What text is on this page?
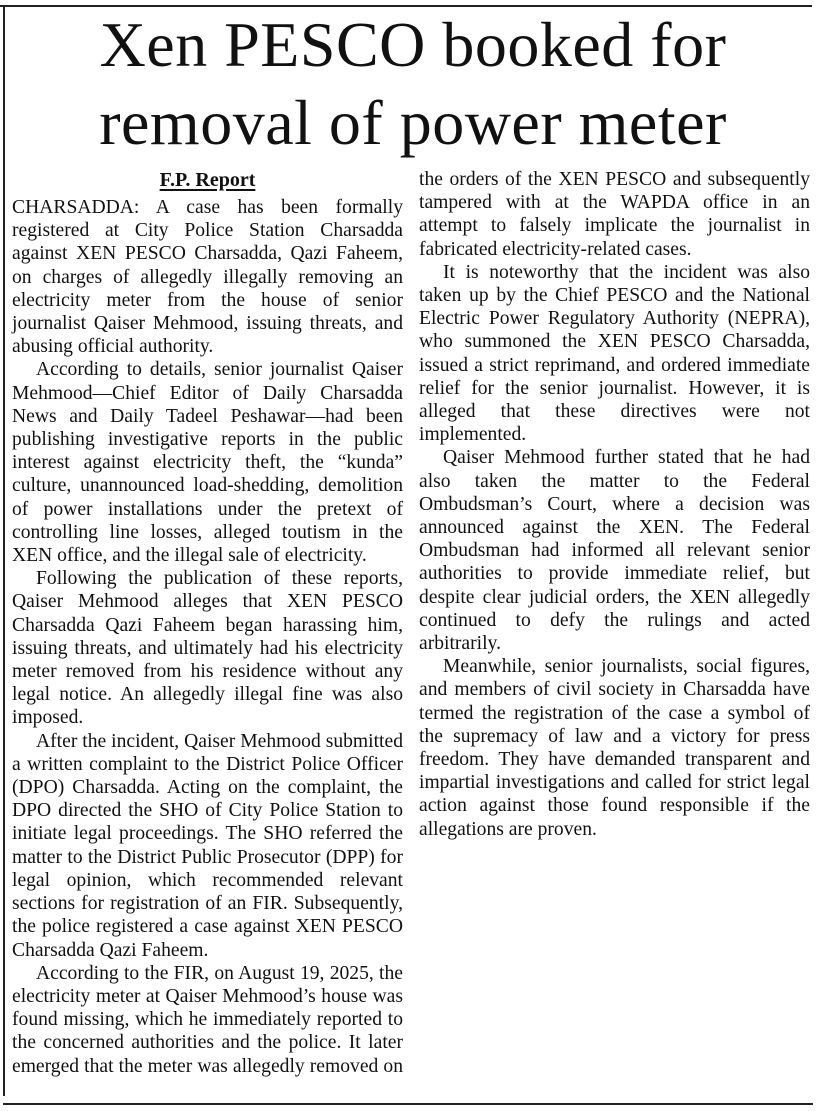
Xen PESCO booked for
removal of power meter
F.P. Report

CHARSADDA: A case has been formally registered at City Police Station Charsadda against XEN PESCO Charsadda, Qazi Faheem, on charges of allegedly illegally removing an electricity meter from the house of senior journalist Qaiser Mehmood, issuing threats, and abusing official authority.

According to details, senior journalist Qaiser Mehmood—Chief Editor of Daily Charsadda News and Daily Tadeel Peshawar—had been publishing investigative reports in the public interest against electricity theft, the “kunda” culture, unannounced load-shedding, demolition of power installations under the pretext of controlling line losses, alleged toutism in the XEN office, and the illegal sale of electricity.

Following the publication of these reports, Qaiser Mehmood alleges that XEN PESCO Charsadda Qazi Faheem began harassing him, issuing threats, and ultimately had his electricity meter removed from his residence without any legal notice. An allegedly illegal fine was also imposed.

After the incident, Qaiser Mehmood submitted a written complaint to the District Police Officer (DPO) Charsadda. Acting on the complaint, the DPO directed the SHO of City Police Station to initiate legal proceedings. The SHO referred the matter to the District Public Prosecutor (DPP) for legal opinion, which recommended relevant sections for registration of an FIR. Subsequently, the police registered a case against XEN PESCO Charsadda Qazi Faheem.

According to the FIR, on August 19, 2025, the electricity meter at Qaiser Mehmood’s house was found missing, which he immediately reported to the concerned authorities and the police. It later emerged that the meter was allegedly removed on the orders of the XEN PESCO and subsequently tampered with at the WAPDA office in an attempt to falsely implicate the journalist in fabricated electricity-related cases.

It is noteworthy that the incident was also taken up by the Chief PESCO and the National Electric Power Regulatory Authority (NEPRA), who summoned the XEN PESCO Charsadda, issued a strict reprimand, and ordered immediate relief for the senior journalist. However, it is alleged that these directives were not implemented.

Qaiser Mehmood further stated that he had also taken the matter to the Federal Ombudsman’s Court, where a decision was announced against the XEN. The Federal Ombudsman had informed all relevant senior authorities to provide immediate relief, but despite clear judicial orders, the XEN allegedly continued to defy the rulings and acted arbitrarily.

Meanwhile, senior journalists, social figures, and members of civil society in Charsadda have termed the registration of the case a symbol of the supremacy of law and a victory for press freedom. They have demanded transparent and impartial investigations and called for strict legal action against those found responsible if the allegations are proven.
